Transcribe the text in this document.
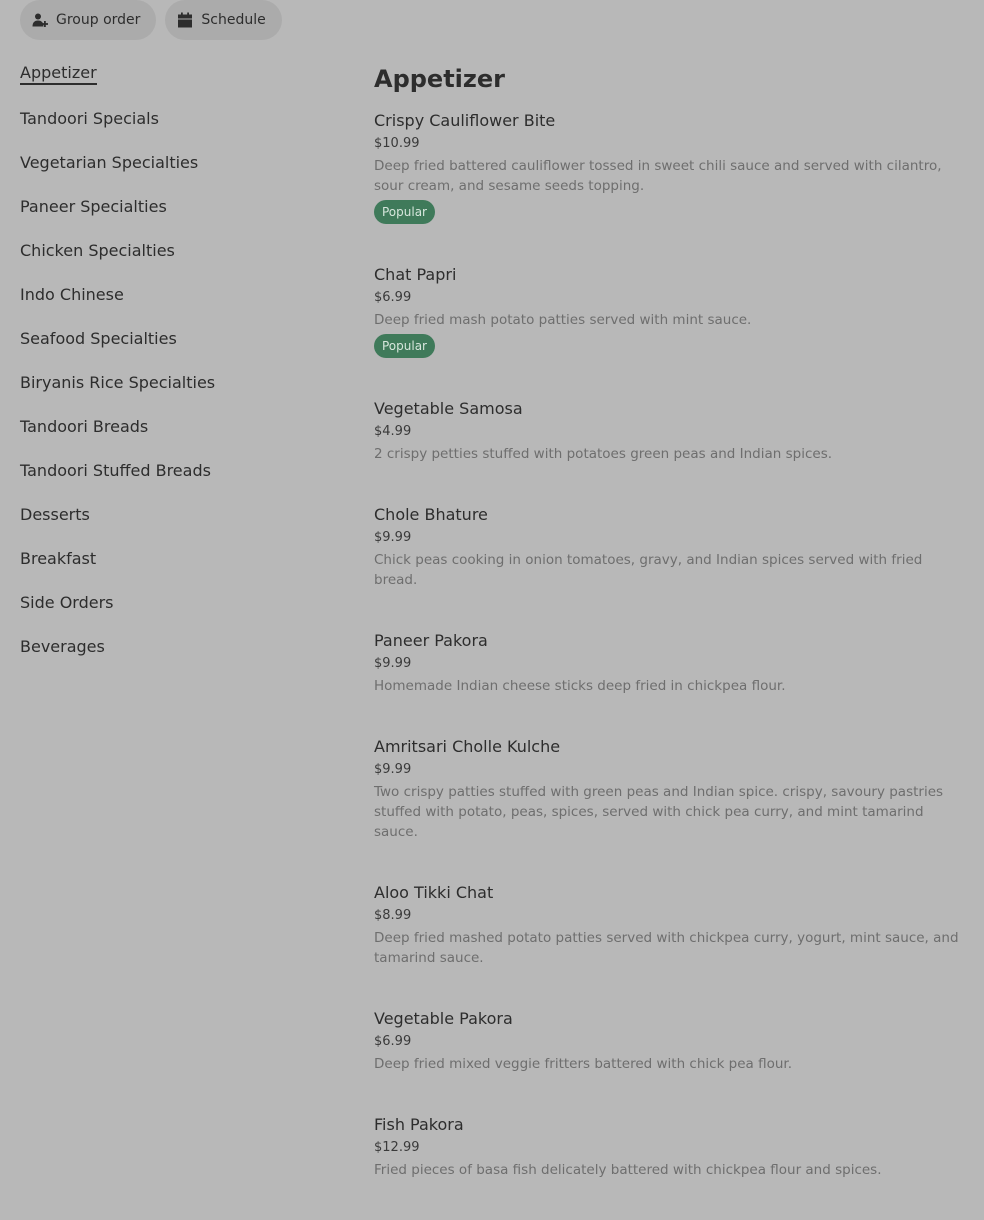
Group order	Schedule
Appetizer
Tandoori Specials
Vegetarian Specialties
Paneer Specialties
Chicken Specialties
Indo Chinese
Seafood Specialties
Biryanis Rice Specialties
Tandoori Breads
Tandoori Stuffed Breads
Desserts
Breakfast
Side Orders
Beverages
Appetizer
Crispy Cauliflower Bite
$10.99
Deep fried battered cauliflower tossed in sweet chili sauce and served with cilantro, sour cream, and sesame seeds topping.
Popular
Chat Papri
$6.99
Deep fried mash potato patties served with mint sauce.
Popular
Vegetable Samosa
$4.99
2 crispy petties stuffed with potatoes green peas and Indian spices.
Chole Bhature
$9.99
Chick peas cooking in onion tomatoes, gravy, and Indian spices served with fried bread.
Paneer Pakora
$9.99
Homemade Indian cheese sticks deep fried in chickpea flour.
Amritsari Cholle Kulche
$9.99
Two crispy patties stuffed with green peas and Indian spice. crispy, savoury pastries stuffed with potato, peas, spices, served with chick pea curry, and mint tamarind sauce.
Aloo Tikki Chat
$8.99
Deep fried mashed potato patties served with chickpea curry, yogurt, mint sauce, and tamarind sauce.
Vegetable Pakora
$6.99
Deep fried mixed veggie fritters battered with chick pea flour.
Fish Pakora
$12.99
Fried pieces of basa fish delicately battered with chickpea flour and spices.
